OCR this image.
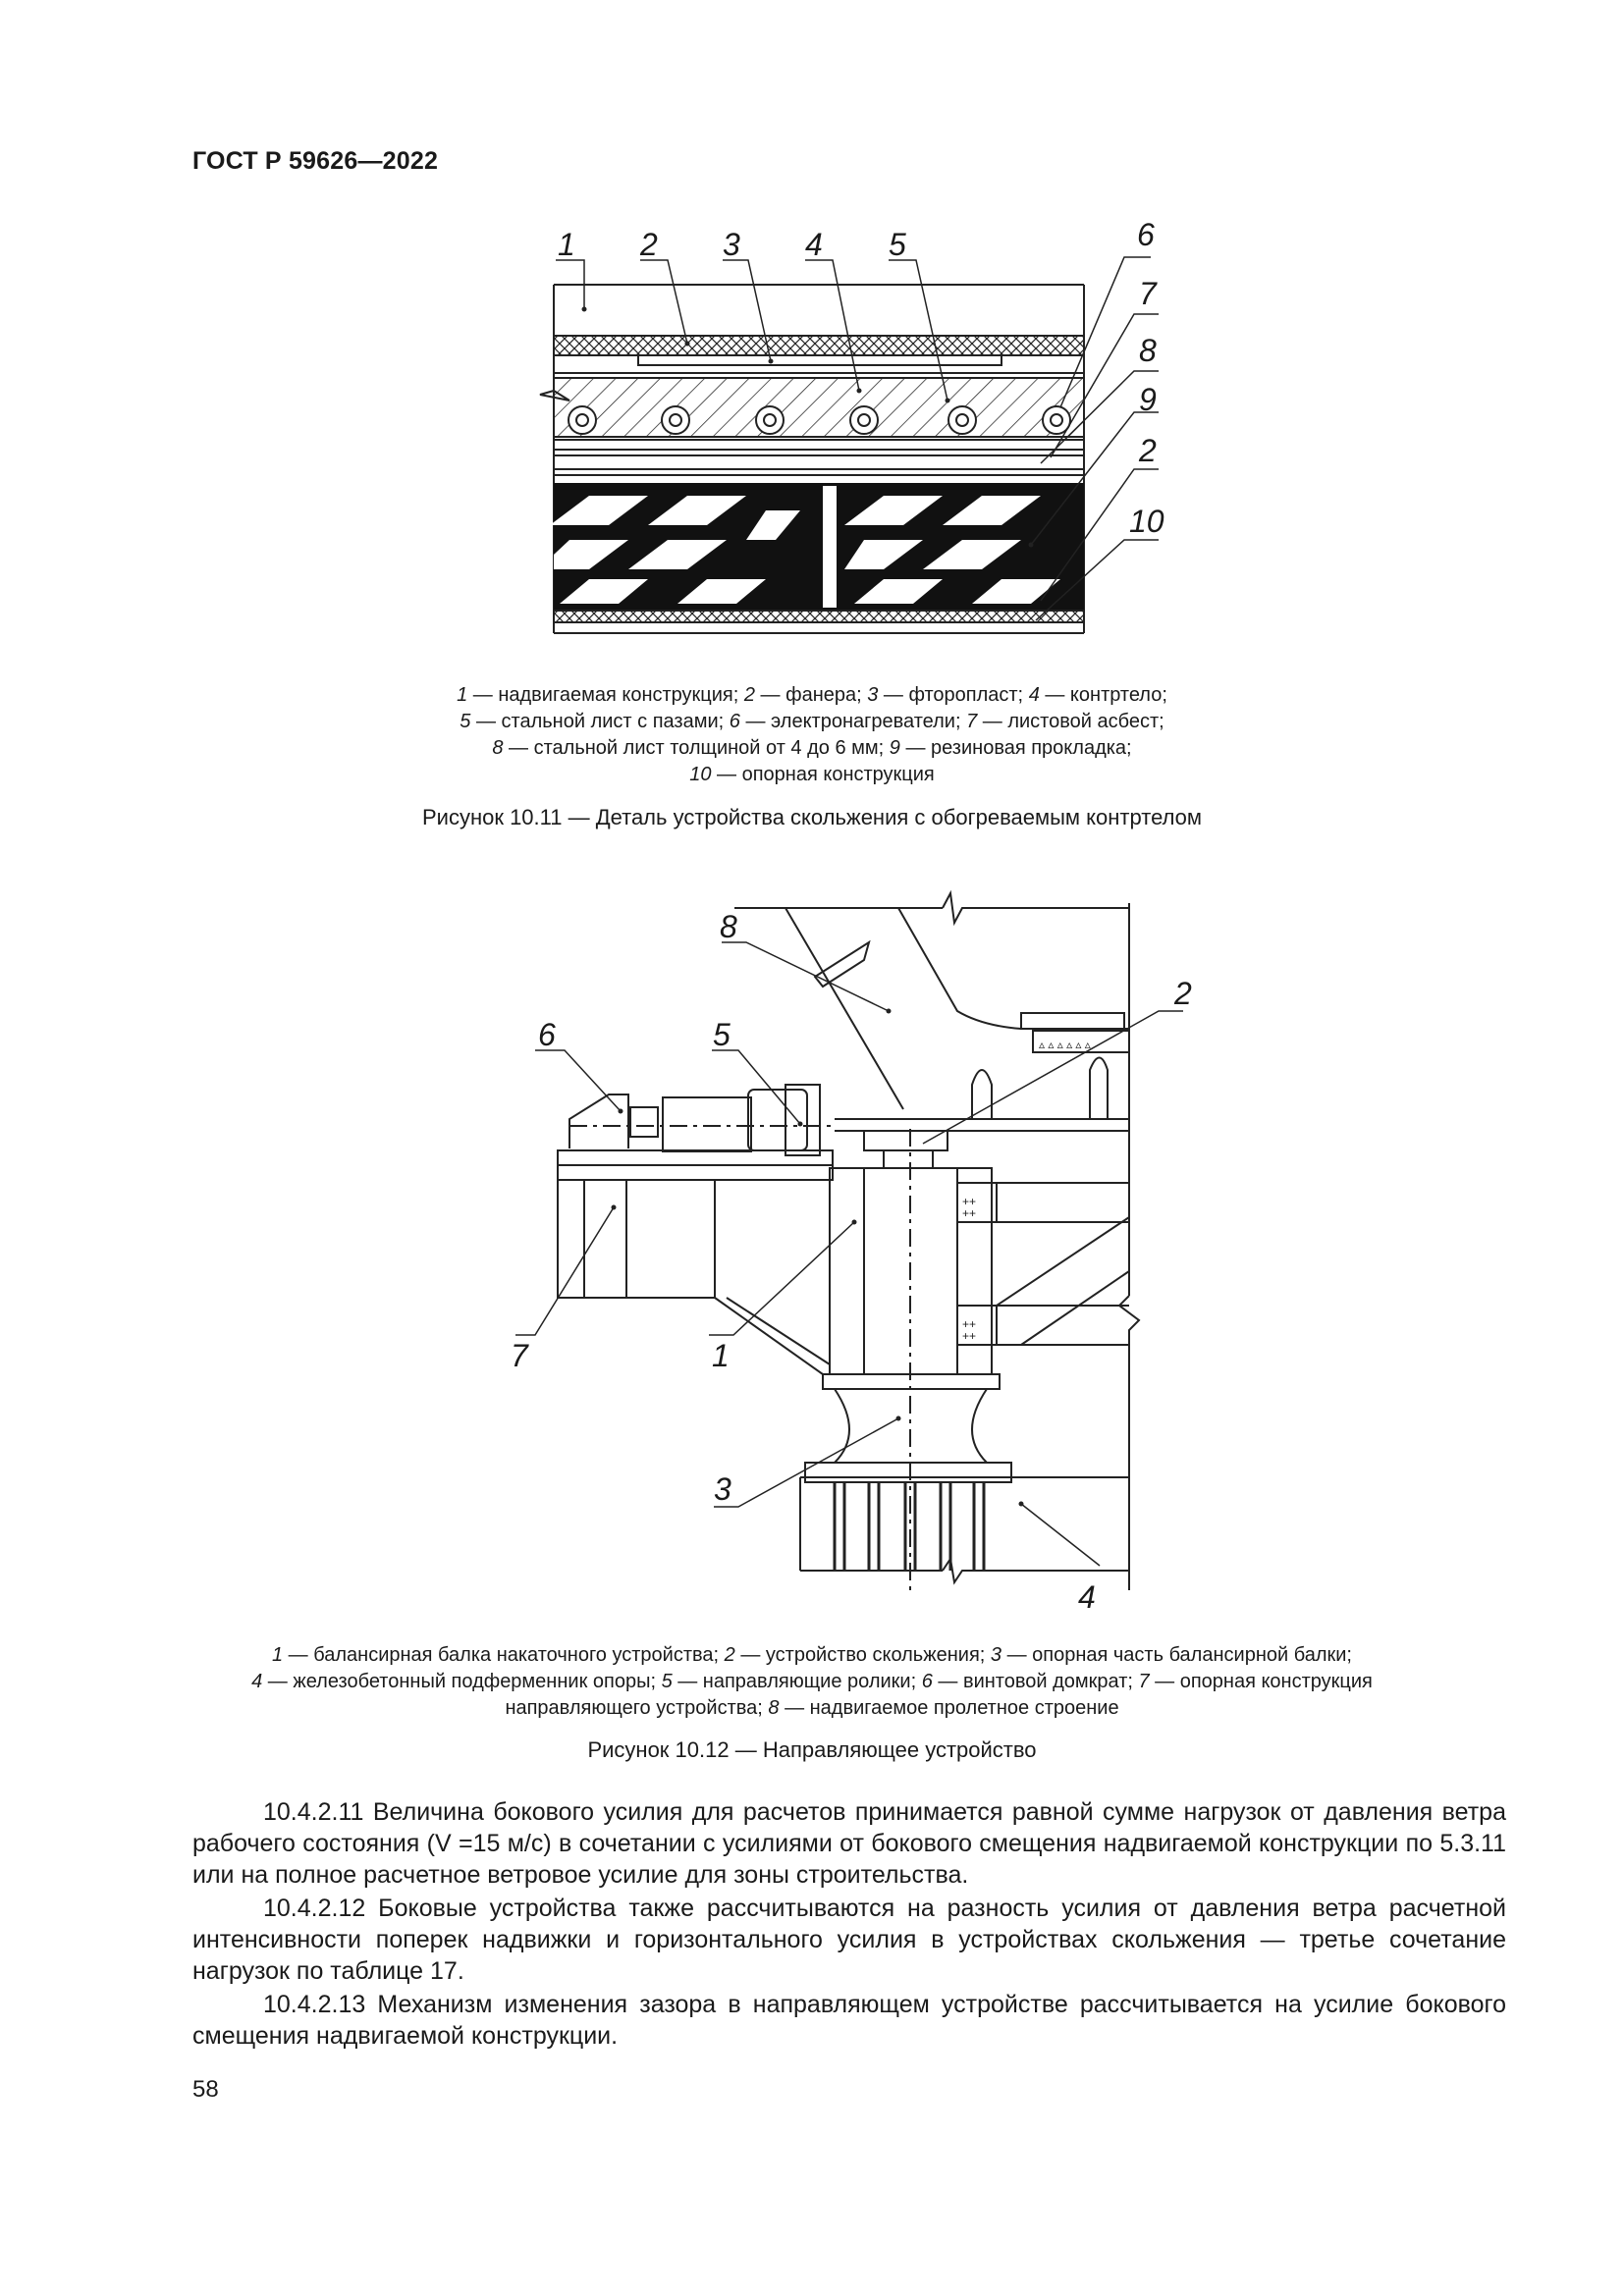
ГОСТ Р 59626—2022
1 2 3 4 5	6
7
8
9
2
10
1 — надвигаемая конструкция; 2 — фанера; 3 — фторопласт; 4 — контртело;
5 — стальной лист с пазами; 6 — электронагреватели; 7 — листовой асбест;
8 — стальной лист толщиной от 4 до 6 мм; 9 — резиновая прокладка;
10 — опорная конструкция
Рисунок 10.11 — Деталь устройства скольжения с обогреваемым контртелом
▵ ▵ ▵ ▵ ▵ ▵
++
++
++
++
8
2
6	5
7	1
3
4
1 — балансирная балка накаточного устройства; 2 — устройство скольжения; 3 — опорная часть балансирной балки;
4 — железобетонный подферменник опоры; 5 — направляющие ролики; 6 — винтовой домкрат; 7 — опорная конструкция направляющего устройства; 8 — надвигаемое пролетное строение
Рисунок 10.12 — Направляющее устройство

10.4.2.11 Величина бокового усилия для расчетов принимается равной сумме нагрузок от давления ветра рабочего состояния (V =15 м/с) в сочетании с усилиями от бокового смещения надвигаемой конструкции по 5.3.11 или на полное расчетное ветровое усилие для зоны строительства.

10.4.2.12 Боковые устройства также рассчитываются на разность усилия от давления ветра расчетной интенсивности поперек надвижки и горизонтального усилия в устройствах скольжения — третье сочетание нагрузок по таблице 17.

10.4.2.13 Механизм изменения зазора в направляющем устройстве рассчитывается на усилие бокового смещения надвигаемой конструкции.

58
